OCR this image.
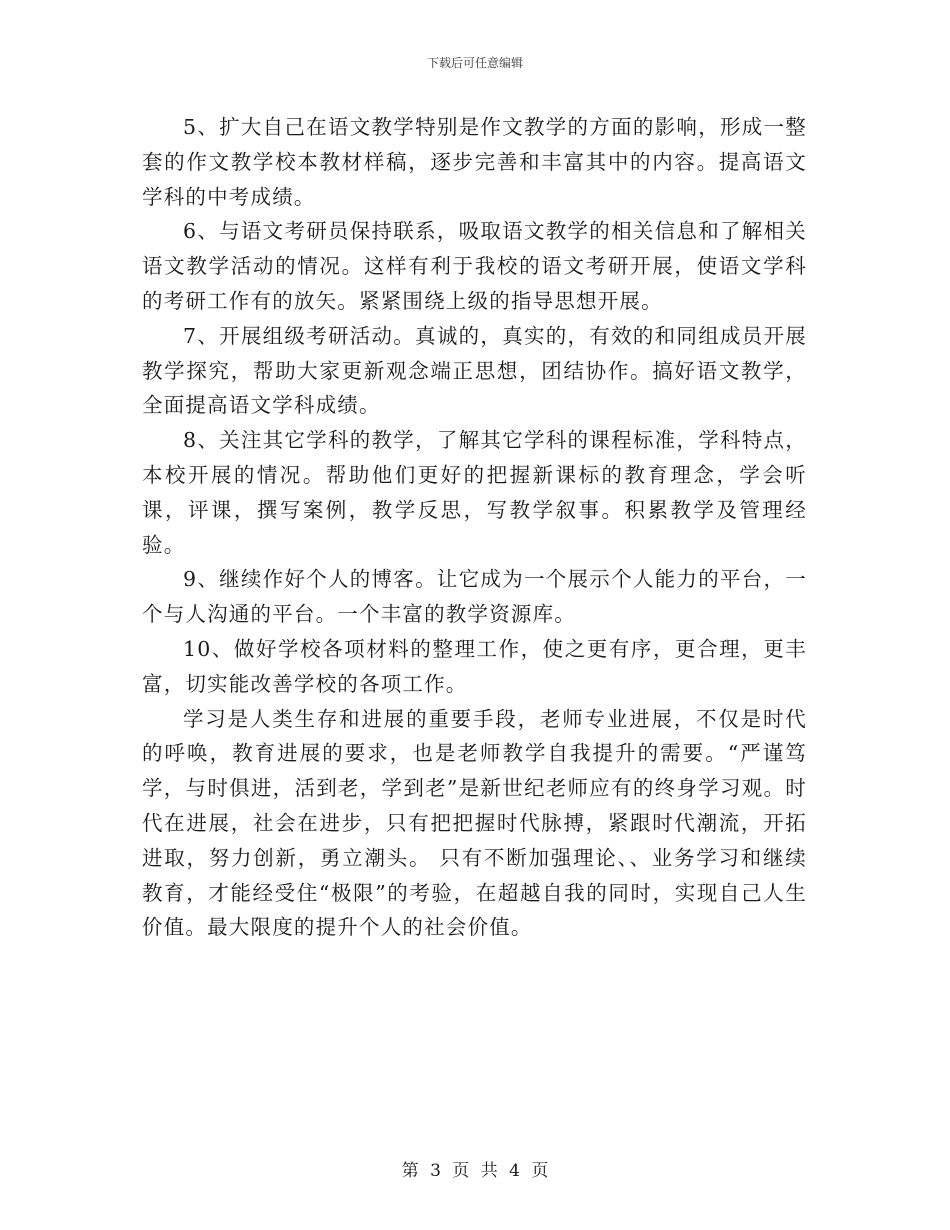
下载后可任意编辑

5、扩大自己在语文教学特别是作文教学的方面的影响，形成一整套的作文教学校本教材样稿，逐步完善和丰富其中的内容。提高语文学科的中考成绩。

6、与语文考研员保持联系，吸取语文教学的相关信息和了解相关语文教学活动的情况。这样有利于我校的语文考研开展，使语文学科的考研工作有的放矢。紧紧围绕上级的指导思想开展。

7、开展组级考研活动。真诚的，真实的，有效的和同组成员开展教学探究，帮助大家更新观念端正思想，团结协作。搞好语文教学，全面提高语文学科成绩。

8、关注其它学科的教学，了解其它学科的课程标准，学科特点，本校开展的情况。帮助他们更好的把握新课标的教育理念，学会听课，评课，撰写案例，教学反思，写教学叙事。积累教学及管理经验。

9、继续作好个人的博客。让它成为一个展示个人能力的平台，一个与人沟通的平台。一个丰富的教学资源库。

10、做好学校各项材料的整理工作，使之更有序，更合理，更丰富，切实能改善学校的各项工作。

学习是人类生存和进展的重要手段，老师专业进展，不仅是时代的呼唤，教育进展的要求，也是老师教学自我提升的需要。“严谨笃学，与时俱进，活到老，学到老”是新世纪老师应有的终身学习观。时代在进展，社会在进步，只有把把握时代脉搏，紧跟时代潮流，开拓进取，努力创新，勇立潮头。 只有不断加强理论、、业务学习和继续教育，才能经受住“极限”的考验，在超越自我的同时，实现自己人生价值。最大限度的提升个人的社会价值。

第 3 页 共 4 页
